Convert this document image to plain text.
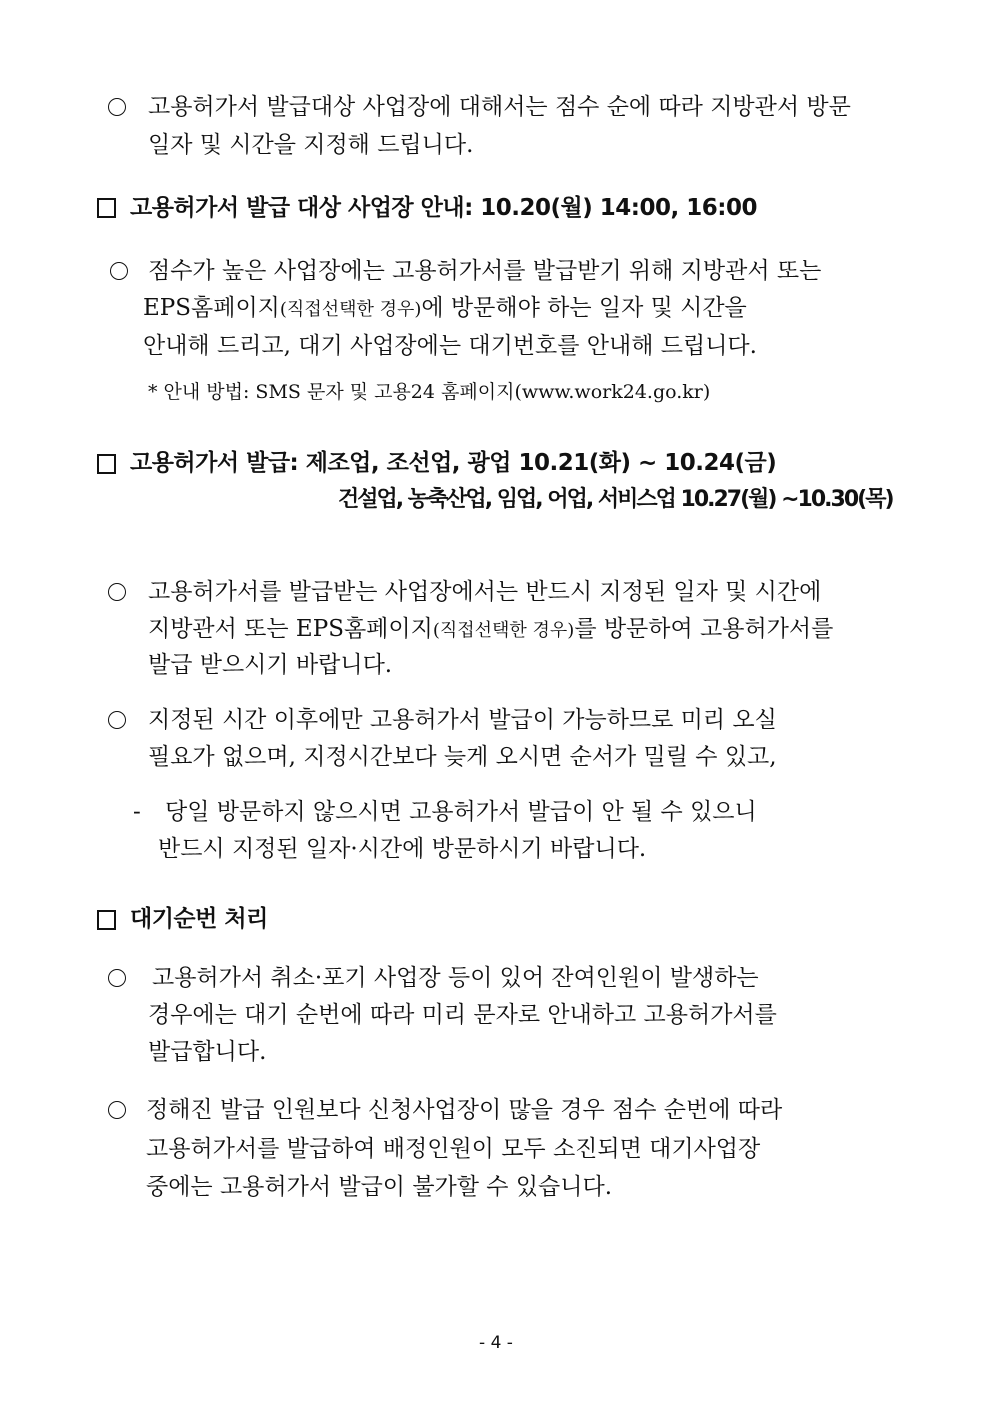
고용허가서 발급대상 사업장에 대해서는 점수 순에 따라 지방관서 방문
일자 및 시간을 지정해 드립니다.
고용허가서 발급 대상 사업장 안내: 10.20(월) 14:00, 16:00
점수가 높은 사업장에는 고용허가서를 발급받기 위해 지방관서 또는
EPS홈페이지(직접선택한 경우)에 방문해야 하는 일자 및 시간을
안내해 드리고, 대기 사업장에는 대기번호를 안내해 드립니다.
* 안내 방법: SMS 문자 및 고용24 홈페이지(www.work24.go.kr)
고용허가서 발급: 제조업, 조선업, 광업 10.21(화) ~ 10.24(금)
건설업, 농축산업, 임업, 어업, 서비스업 10.27(월) ~10.30(목)
고용허가서를 발급받는 사업장에서는 반드시 지정된 일자 및 시간에
지방관서 또는 EPS홈페이지(직접선택한 경우)를 방문하여 고용허가서를
발급 받으시기 바랍니다.
지정된 시간 이후에만 고용허가서 발급이 가능하므로 미리 오실
필요가 없으며, 지정시간보다 늦게 오시면 순서가 밀릴 수 있고,
- 당일 방문하지 않으시면 고용허가서 발급이 안 될 수 있으니
반드시 지정된 일자·시간에 방문하시기 바랍니다.
대기순번 처리
고용허가서 취소·포기 사업장 등이 있어 잔여인원이 발생하는
경우에는 대기 순번에 따라 미리 문자로 안내하고 고용허가서를
발급합니다.
정해진 발급 인원보다 신청사업장이 많을 경우 점수 순번에 따라
고용허가서를 발급하여 배정인원이 모두 소진되면 대기사업장
중에는 고용허가서 발급이 불가할 수 있습니다.
- 4 -
